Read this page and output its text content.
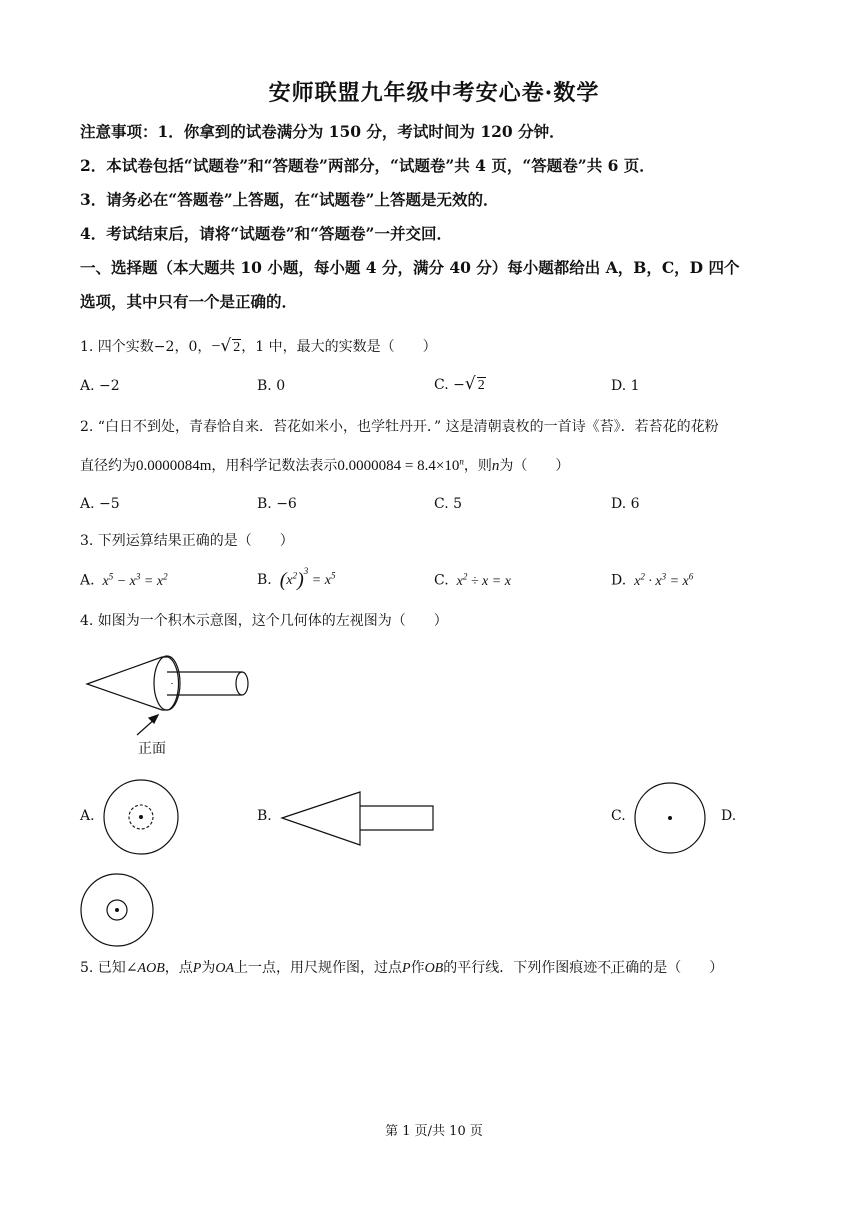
安师联盟九年级中考安心卷·数学
注意事项：1．你拿到的试卷满分为 150 分，考试时间为 120 分钟．
2．本试卷包括“试题卷”和“答题卷”两部分，“试题卷”共 4 页，“答题卷”共 6 页．
3．请务必在“答题卷”上答题，在“试题卷”上答题是无效的．
4．考试结束后，请将“试题卷”和“答题卷”一并交回．
一、选择题（本大题共 10 小题，每小题 4 分，满分 40 分）每小题都给出 A，B，C，D 四个
选项，其中只有一个是正确的．
1. 四个实数−2，0，−√ 2，1 中，最大的实数是（　　）
A. −2	B. 0	C. −√ 2	D. 1
2. “白日不到处，青春恰自来．苔花如米小，也学牡丹开．” 这是清朝袁枚的一首诗《苔》．若苔花的花粉
直径约为0.0000084m，用科学记数法表示$0.0000084 = 8.4\times 10^n$，则n为（　　）
A. −5	B. −6	C. 5	D. 6
3. 下列运算结果正确的是（　　）
A.  $x^5 - x^3 = x^2$	B. $(x^2)^3 = x^5$	C.  $x^2 \div x = x$	D.  $x^2 \cdot x^3 = x^6$
4. 如图为一个积木示意图，这个几何体的左视图为（　　）
正面
A.	B.	C.	D.
5. 已知∠AOB，点P为OA上一点，用尺规作图，过点P作OB的平行线．下列作图痕迹不正确 ···的是（　　）
第 1 页/共 10 页
